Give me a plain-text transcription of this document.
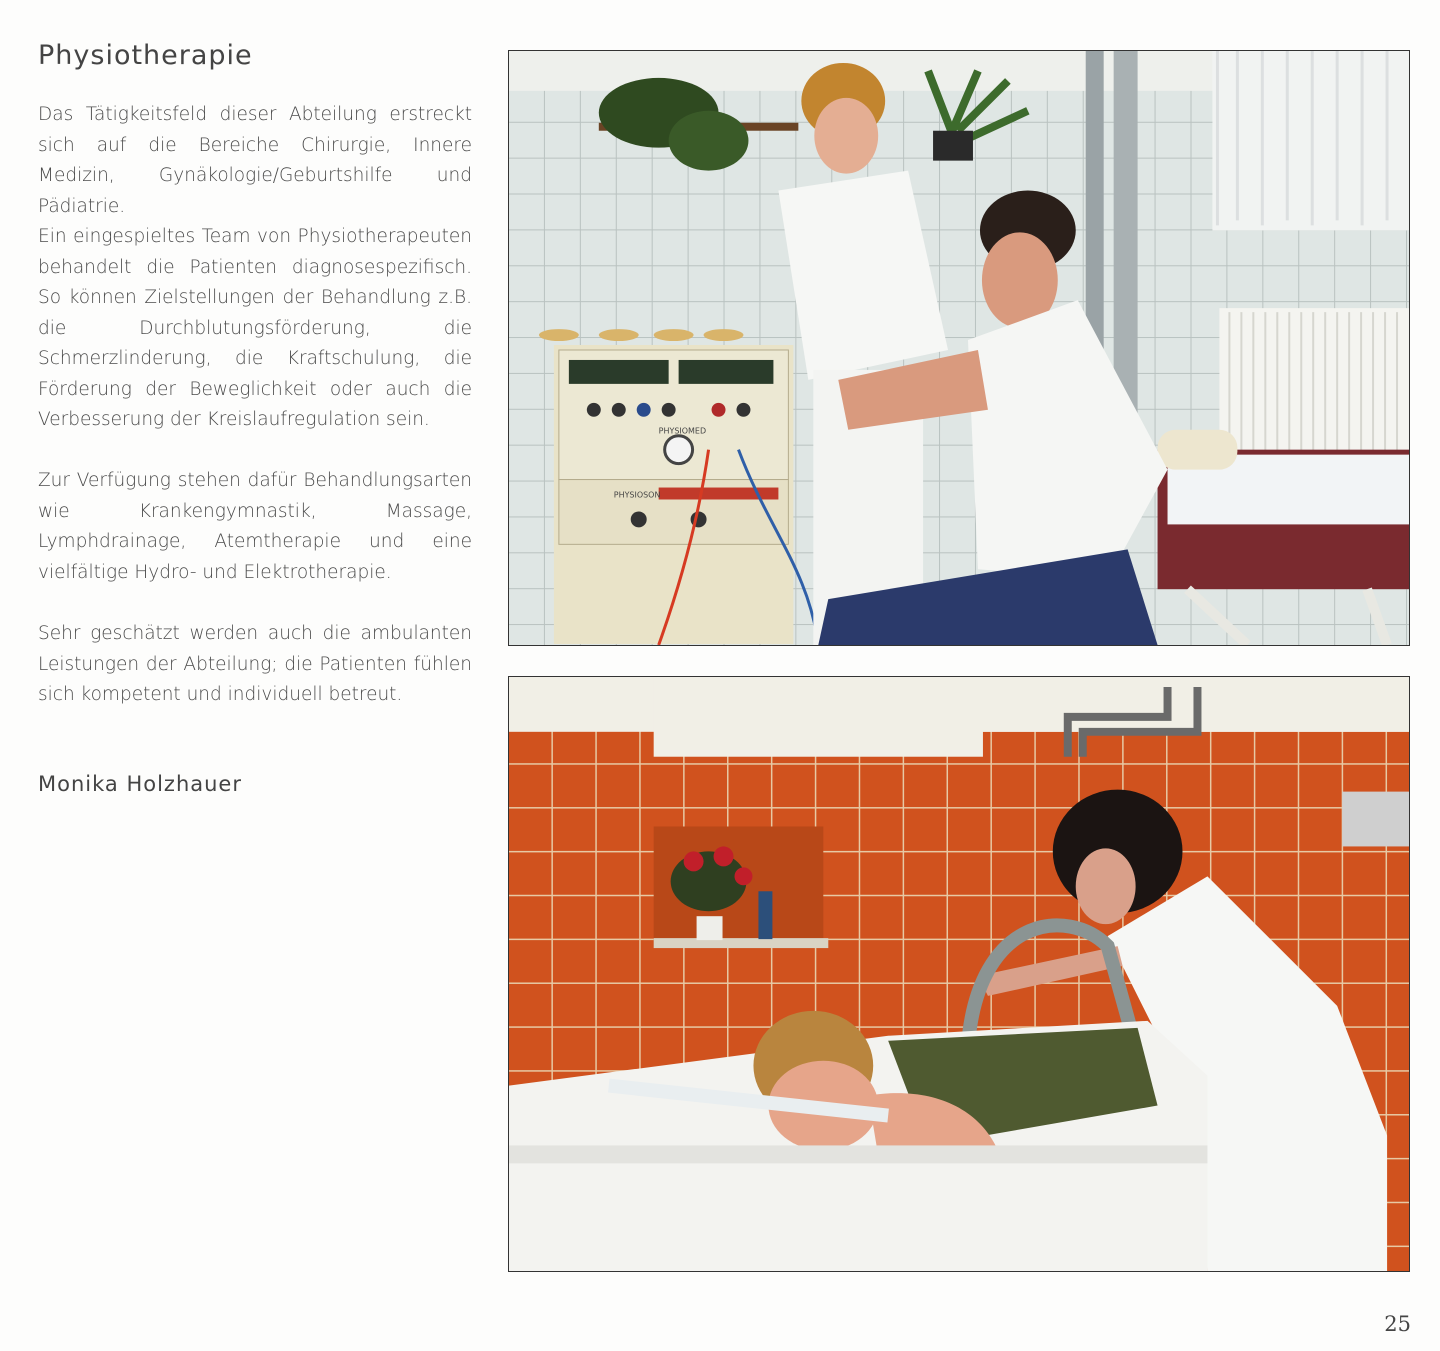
Physiotherapie

Das Tätigkeitsfeld dieser Abteilung erstreckt sich auf die Bereiche Chirurgie, Innere Medizin, Gynäkologie/Geburtshilfe und Pädiatrie.

Ein eingespieltes Team von Physiotherapeuten behandelt die Patienten diagnosespezifisch. So können Zielstellungen der Behandlung z.B. die Durchblutungsförderung, die Schmerzlinderung, die Kraftschulung, die Förderung der Beweglichkeit oder auch die Verbesserung der Kreislaufregulation sein.

Zur Verfügung stehen dafür Behandlungsarten wie Krankengymnastik, Massage, Lymphdrainage, Atemtherapie und eine vielfältige Hydro- und Elektrotherapie.

Sehr geschätzt werden auch die ambulanten Leistungen der Abteilung; die Patienten fühlen sich kompetent und individuell betreut.

Monika Holzhauer

PHYSIOMED
PHYSIOSON
25
